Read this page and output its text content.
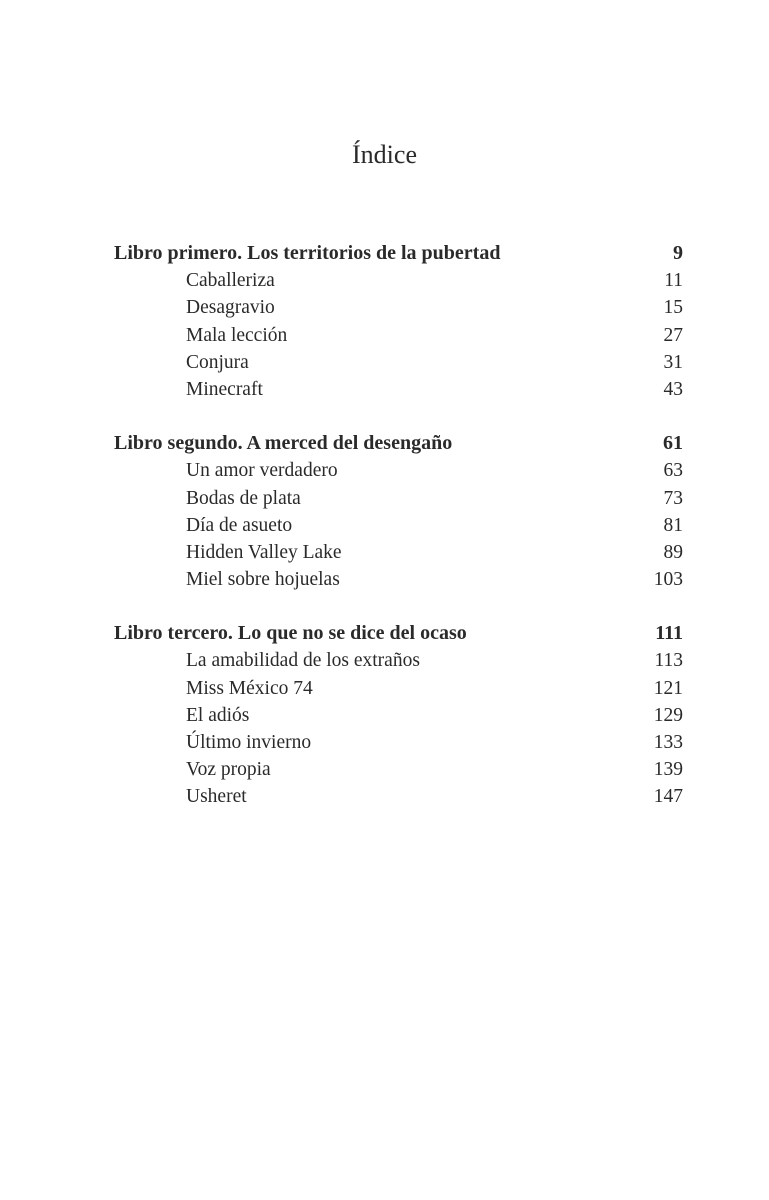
Índice
Libro primero. Los territorios de la pubertad	9
Caballeriza	11
Desagravio	15
Mala lección	27
Conjura	31
Minecraft	43
Libro segundo. A merced del desengaño	61
Un amor verdadero	63
Bodas de plata	73
Día de asueto	81
Hidden Valley Lake	89
Miel sobre hojuelas	103
Libro tercero. Lo que no se dice del ocaso	111
La amabilidad de los extraños	113
Miss México 74	121
El adiós	129
Último invierno	133
Voz propia	139
Usheret	147
